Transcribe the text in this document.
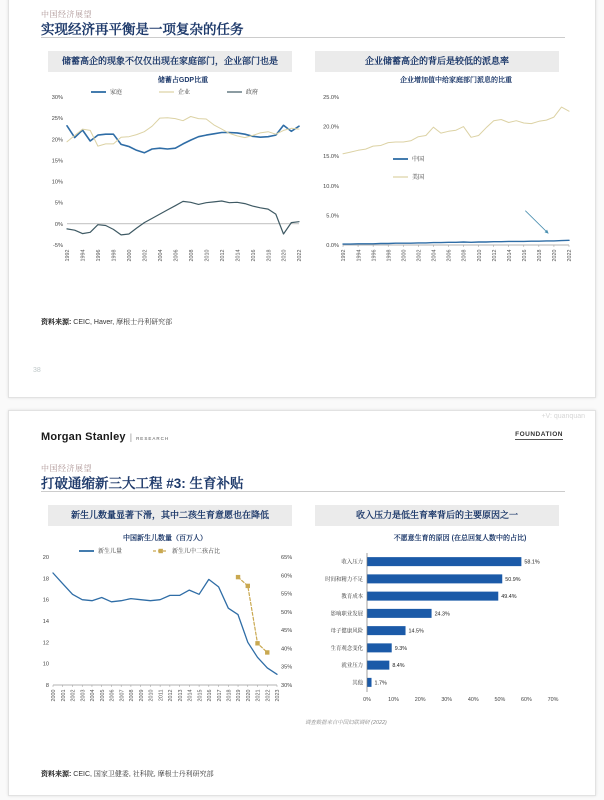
中国经济展望
实现经济再平衡是一项复杂的任务
储蓄高企的现象不仅仅出现在家庭部门，企业部门也是	企业储蓄高企的背后是较低的派息率
储蓄占GDP比重
-5%
0%
5%
10%
15%
20%
25%
30%
1992 1994 1996 1998 2000 2002 2004 2006 2008 2010 2012 2014 2016 2018 2020 2022
家庭	企业	政府
企业增加值中给家庭部门派息的比重
0.0%
5.0%
10.0%
15.0%
20.0%
25.0%
1992 1994 1996 1998 2000 2002 2004 2006 2008 2010 2012 2014 2016 2018 2020 2022
中国
美国
资料来源: CEIC, Haver, 摩根士丹利研究部
38
+V: quanquan
Morgan Stanley | RESEARCH
FOUNDATION
中国经济展望
打破通缩新三大工程 #3: 生育补贴
新生儿数量显著下滑，其中二孩生育意愿也在降低	收入压力是低生育率背后的主要原因之一
中国新生儿数量（百万人）
8
10
12
14
16
18
20
30%
35%
40%
45%
50%
55%
60%
65%
2000 2001 2002 2003 2004 2005 2006 2007 2008 2009 2010 2011 2012 2013 2014 2015 2016 2017 2018 2019 2020 2021 2022 2023
新生儿量	新生儿中二孩占比
不愿意生育的原因 (在总回复人数中的占比)
收入压力	58.1%
时间和精力不足	50.9%
教育成本	49.4%
影响职业发展	24.3%
母子健康风险	14.5%
生育观念变化	9.3%
就业压力	8.4%
其他 1.7%
0%	10%	20%	30%	40%	50%	60%	70%
调查数据来自中国妇联调研 (2022)
资料来源: CEIC, 国家卫健委, 社科院, 摩根士丹利研究部
